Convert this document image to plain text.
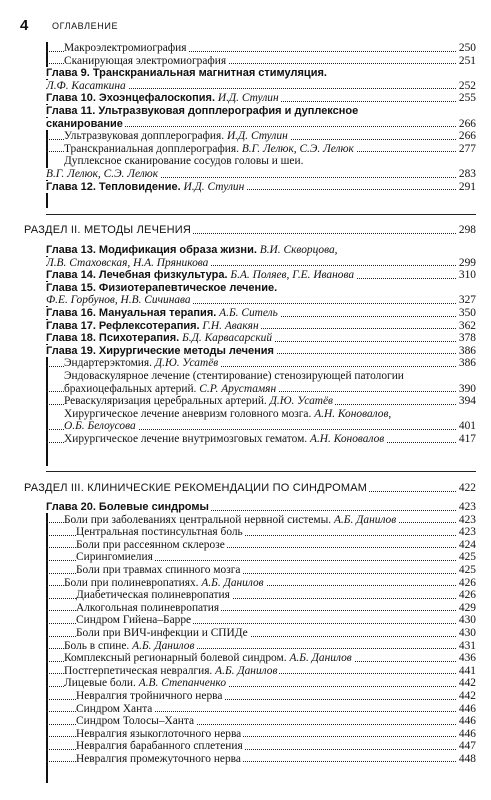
4	ОГЛАВЛЕНИЕ
Макроэлектромиография	250
Сканирующая электромиография	251
Глава 9. Транскраниальная магнитная стимуляция.
Л.Ф. Касаткина	252
Глава 10. Эхоэнцефалоскопия. И.Д. Стулин	255
Глава 11. Ультразвуковая допплерография и дуплексное
сканирование	266
Ультразвуковая допплерография. И.Д. Стулин	266
Транскраниальная допплерография. В.Г. Лелюк, С.Э. Лелюк	277
Дуплексное сканирование сосудов головы и шеи.
В.Г. Лелюк, С.Э. Лелюк	283
Глава 12. Тепловидение. И.Д. Стулин	291
РАЗДЕЛ II. МЕТОДЫ ЛЕЧЕНИЯ	298
Глава 13. Модификация образа жизни. В.И. Скворцова,
Л.В. Стаховская, Н.А. Пряникова	299
Глава 14. Лечебная физкультура. Б.А. Поляев, Г.Е. Иванова	310
Глава 15. Физиотерапевтическое лечение.
Ф.Е. Горбунов, Н.В. Сичинава	327
Глава 16. Мануальная терапия. А.Б. Ситель	350
Глава 17. Рефлексотерапия. Г.Н. Авакян	362
Глава 18. Психотерапия. Б.Д. Карвасарский	378
Глава 19. Хирургические методы лечения	386
Эндартерэктомия. Д.Ю. Усатёв	386
Эндоваскулярное лечение (стентирование) стенозирующей патологии
брахиоцефальных артерий. С.Р. Арустамян	390
Реваскуляризация церебральных артерий. Д.Ю. Усатёв	394
Хирургическое лечение аневризм головного мозга. А.Н. Коновалов,
О.Б. Белоусова	401
Хирургическое лечение внутримозговых гематом. А.Н. Коновалов	417
РАЗДЕЛ III. КЛИНИЧЕСКИЕ РЕКОМЕНДАЦИИ ПО СИНДРОМАМ	422
Глава 20. Болевые синдромы	423
Боли при заболеваниях центральной нервной системы. А.Б. Данилов	423
Центральная постинсультная боль	423
Боли при рассеянном склерозе	424
Сирингомиелия	425
Боли при травмах спинного мозга	425
Боли при полиневропатиях. А.Б. Данилов	426
Диабетическая полиневропатия	426
Алкогольная полиневропатия	429
Синдром Гийена–Барре	430
Боли при ВИЧ-инфекции и СПИДе	430
Боль в спине. А.Б. Данилов	431
Комплексный регионарный болевой синдром. А.Б. Данилов	436
Постгерпетическая невралгия. А.Б. Данилов	441
Лицевые боли. А.В. Степанченко	442
Невралгия тройничного нерва	442
Синдром Ханта	446
Синдром Толосы–Ханта	446
Невралгия языкоглоточного нерва	446
Невралгия барабанного сплетения	447
Невралгия промежуточного нерва	448
